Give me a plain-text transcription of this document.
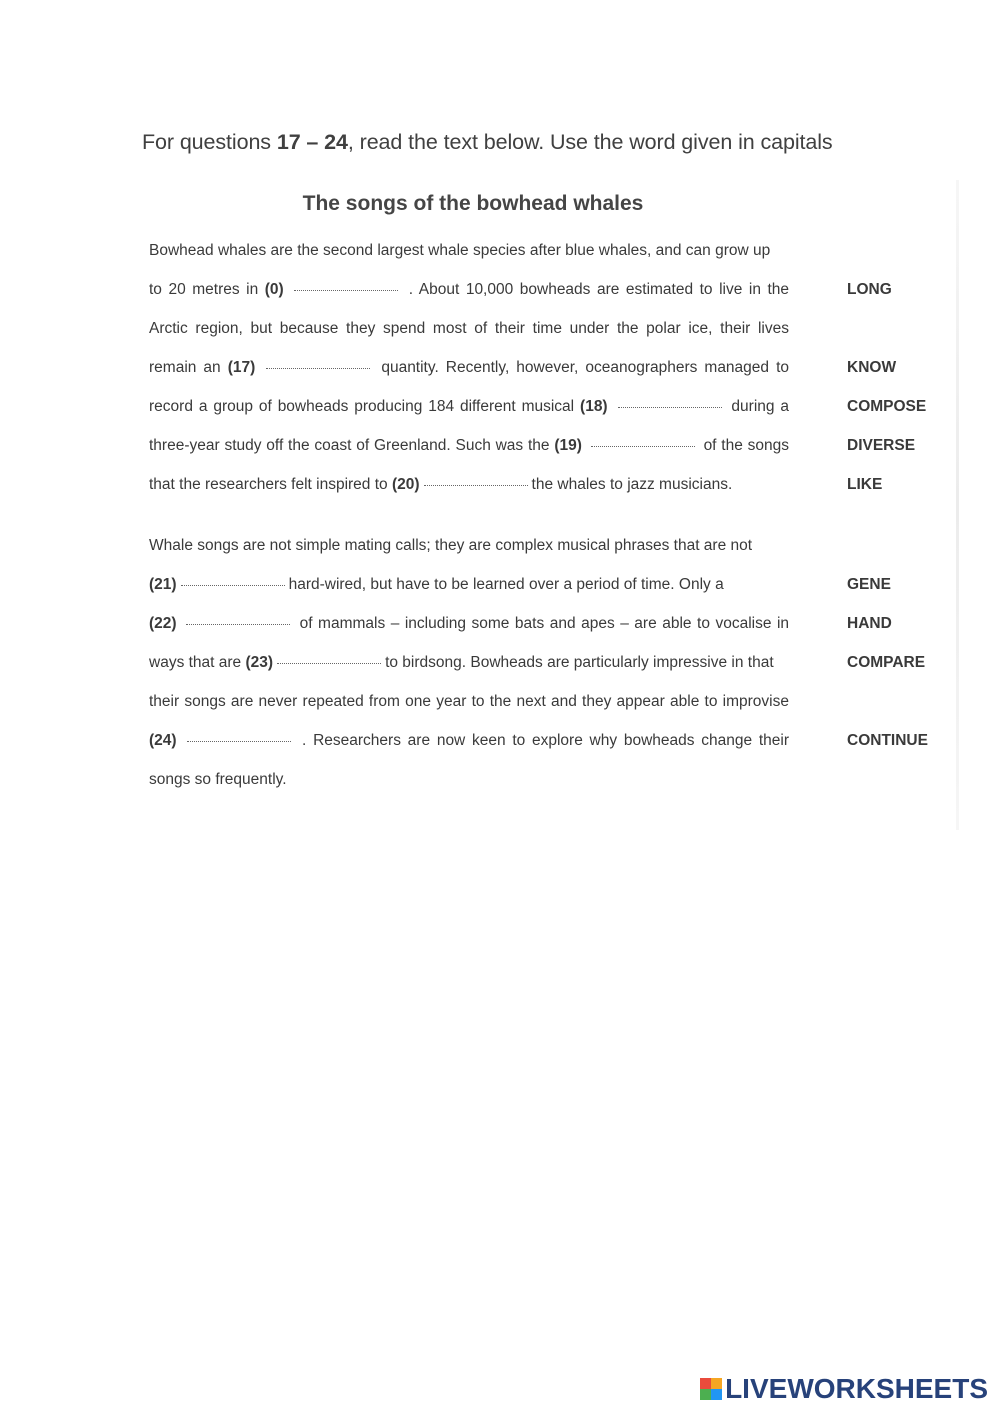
For questions 17 – 24, read the text below. Use the word given in capitals
The songs of the bowhead whales
Bowhead whales are the second largest whale species after blue whales, and can grow up
to 20 metres in (0)	. About 10,000 bowheads are estimated to live in the
Arctic region, but because they spend most of their time under the polar ice, their lives
remain an (17)	quantity. Recently, however, oceanographers managed to
record a group of bowheads producing 184 different musical (18)	during a
three-year study off the coast of Greenland. Such was the (19)	of the songs
that the researchers felt inspired to (20)	the whales to jazz musicians.
Whale songs are not simple mating calls; they are complex musical phrases that are not
(21)	hard-wired, but have to be learned over a period of time. Only a
(22)	of mammals – including some bats and apes – are able to vocalise in
ways that are (23)	to birdsong. Bowheads are particularly impressive in that
their songs are never repeated from one year to the next and they appear able to improvise
(24)	. Researchers are now keen to explore why bowheads change their
songs so frequently.
LONG
KNOW
COMPOSE
DIVERSE
LIKE
GENE
HAND
COMPARE
CONTINUE
LIVEWORKSHEETS
